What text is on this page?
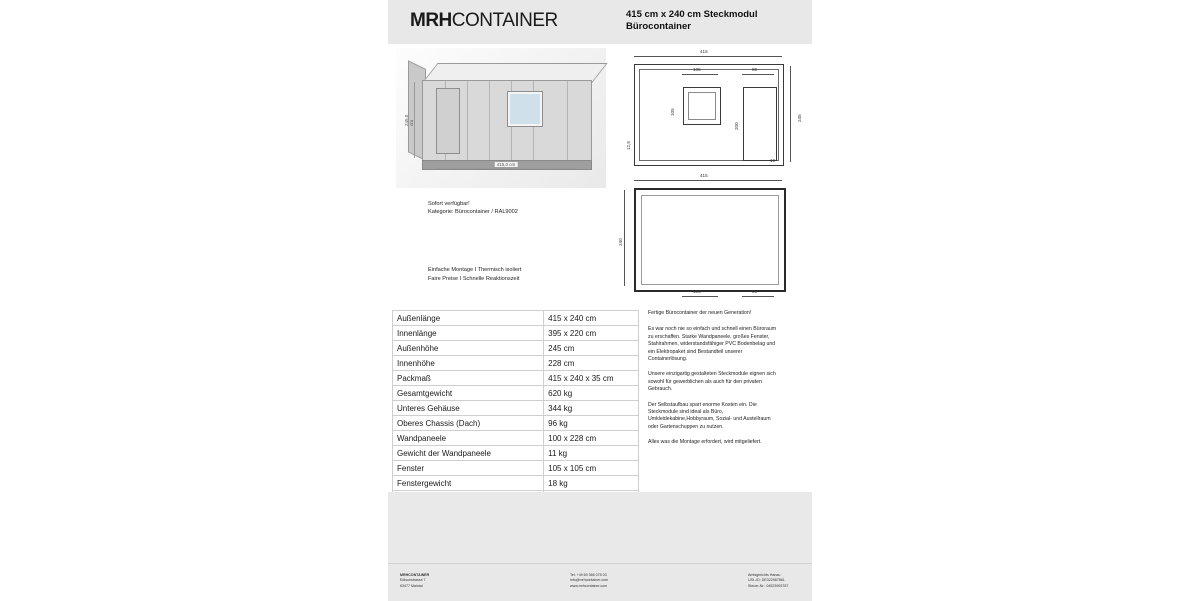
MRHCONTAINER	415 cm x 240 cm Steckmodul
Bürocontainer
415,0 cm
245,0 cm
Sofort verfügbar!
Kategorie: Bürocontainer / RAL9002
Einfache Montage I Thermisch isoliert
Faire Preise I Schnelle Reaktionszeit
415
105	89
105
200
245
12,5
10
415
240
105	89
Außenlänge	415 x 240 cm
Innenlänge	395 x 220 cm
Außenhöhe	245 cm
Innenhöhe	228 cm
Packmaß	415 x 240 x 35 cm
Gesamtgewicht	620 kg
Unteres Gehäuse	344 kg
Oberes Chassis (Dach)	96 kg
Wandpaneele	100 x 228 cm
Gewicht der Wandpaneele	11 kg
Fenster	105 x 105 cm
Fenstergewicht	18 kg

Fertige Bürocontainer der neuen Generation!

Es war noch nie so einfach und schnell einen Büroraum zu erschaffen. Starke Wandpaneele, großes Fenster, Stahlrahmen, widerstandsfähiger PVC Bodenbelag und ein Elektropaket sind Bestandteil unserer Containerlösung.

Unsere einzigartig gestalteten Steckmodule eignen sich sowohl für gewerblichen als auch für den privaten Gebrauch.

Der Selbstaufbau spart enorme Kosten ein. Die Steckmodule sind ideal als Büro, Umkleidekabine,Hobbyraum, Sozial- und Austellraum oder Gartenschuppen zu nutzen.

Alles was die Montage erfordert, wird mitgeliefert.

MRHCONTAINER
Edisonstrasse 7
63477 Maintal
Tel: +49 69 366 075 03
info@mrhcontainer.com
www.mrhcontainer.com
Amtsgerichts Hanau
USt.-ID: DE322987861
Steuer-Nr.: 04523993787
